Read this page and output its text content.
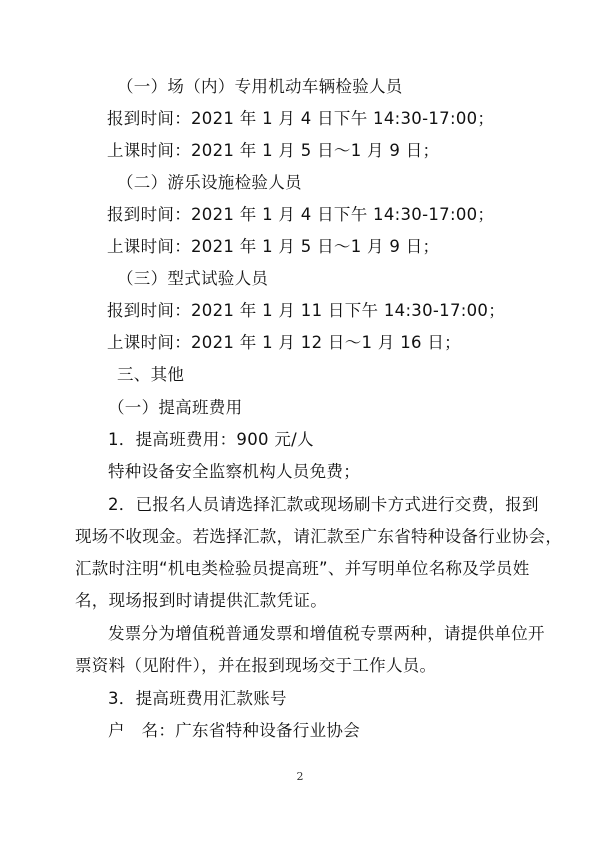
（一）场（内）专用机动车辆检验人员
报到时间：2021 年 1 月 4 日下午 14:30-17:00；
上课时间：2021 年 1 月 5 日～1 月 9 日；
（二）游乐设施检验人员
报到时间：2021 年 1 月 4 日下午 14:30-17:00；
上课时间：2021 年 1 月 5 日～1 月 9 日；
（三）型式试验人员
报到时间：2021 年 1 月 11 日下午 14:30-17:00；
上课时间：2021 年 1 月 12 日～1 月 16 日；
三、其他
（一）提高班费用
1．提高班费用：900 元/人
特种设备安全监察机构人员免费；
2．已报名人员请选择汇款或现场刷卡方式进行交费，报到
现场不收现金。若选择汇款，请汇款至广东省特种设备行业协会，
汇款时注明“机电类检验员提高班”、并写明单位名称及学员姓
名，现场报到时请提供汇款凭证。
发票分为增值税普通发票和增值税专票两种，请提供单位开
票资料（见附件），并在报到现场交于工作人员。
3．提高班费用汇款账号
户　名：广东省特种设备行业协会
2
